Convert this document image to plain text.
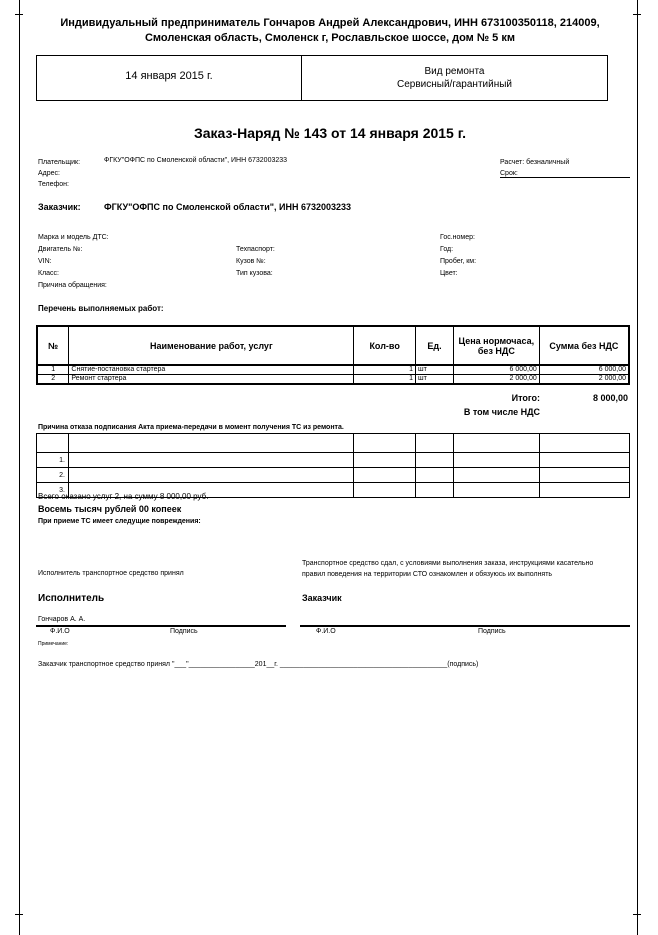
Индивидуальный предприниматель Гончаров Андрей Александрович, ИНН 673100350118, 214009,
Смоленская область, Смоленск г, Рославльское шоссе, дом № 5 км
14 января 2015 г.	Вид ремонта
Сервисный/гарантийный
Заказ-Наряд № 143 от 14 января 2015 г.
Плательщик:
Адрес:
Телефон:
ФГКУ"ОФПС по Смоленской области", ИНН 6732003233	Расчет: безналичный
Срок:
Заказчик:	ФГКУ"ОФПС по Смоленской области", ИНН 6732003233
Марка и модель ДТС:
Двигатель №:
VIN:
Класс:
Причина обращения:
Техпаспорт:
Кузов №:
Тип кузова:
Гос.номер:
Год:
Пробег, км:
Цвет:
Перечень выполняемых работ:
№	Наименование работ, услуг	Кол-во	Ед.	Цена нормочаса, без НДС	Сумма без НДС
1	Снятие-постановка стартера	1	шт	6 000,00	6 000,00
2	Ремонт стартера	1	шт	2 000,00	2 000,00
Итого:	8 000,00
В том числе НДС
Причина отказа подписания Акта приема-передачи в момент получения ТС из ремонта.

1.					
2.					
3.					
Всего оказано услуг 2, на сумму 8 000,00 руб.
Восемь тысяч рублей 00 копеек
При приеме ТС имеет следущие повреждения:
Исполнитель транспортное средство принял
Транспортное средство сдал, с условиями выполнения заказа, инструкциями касательно
правил поведения на территории СТО ознакомлен и обязуюсь их выполнять
Исполнитель	Заказчик
Гончаров А. А.
Ф.И.О	Подпись	Ф.И.О	Подпись
Примечание:
Заказчик транспортное средство принял "___"_________________201__г. ___________________________________________(подпись)
